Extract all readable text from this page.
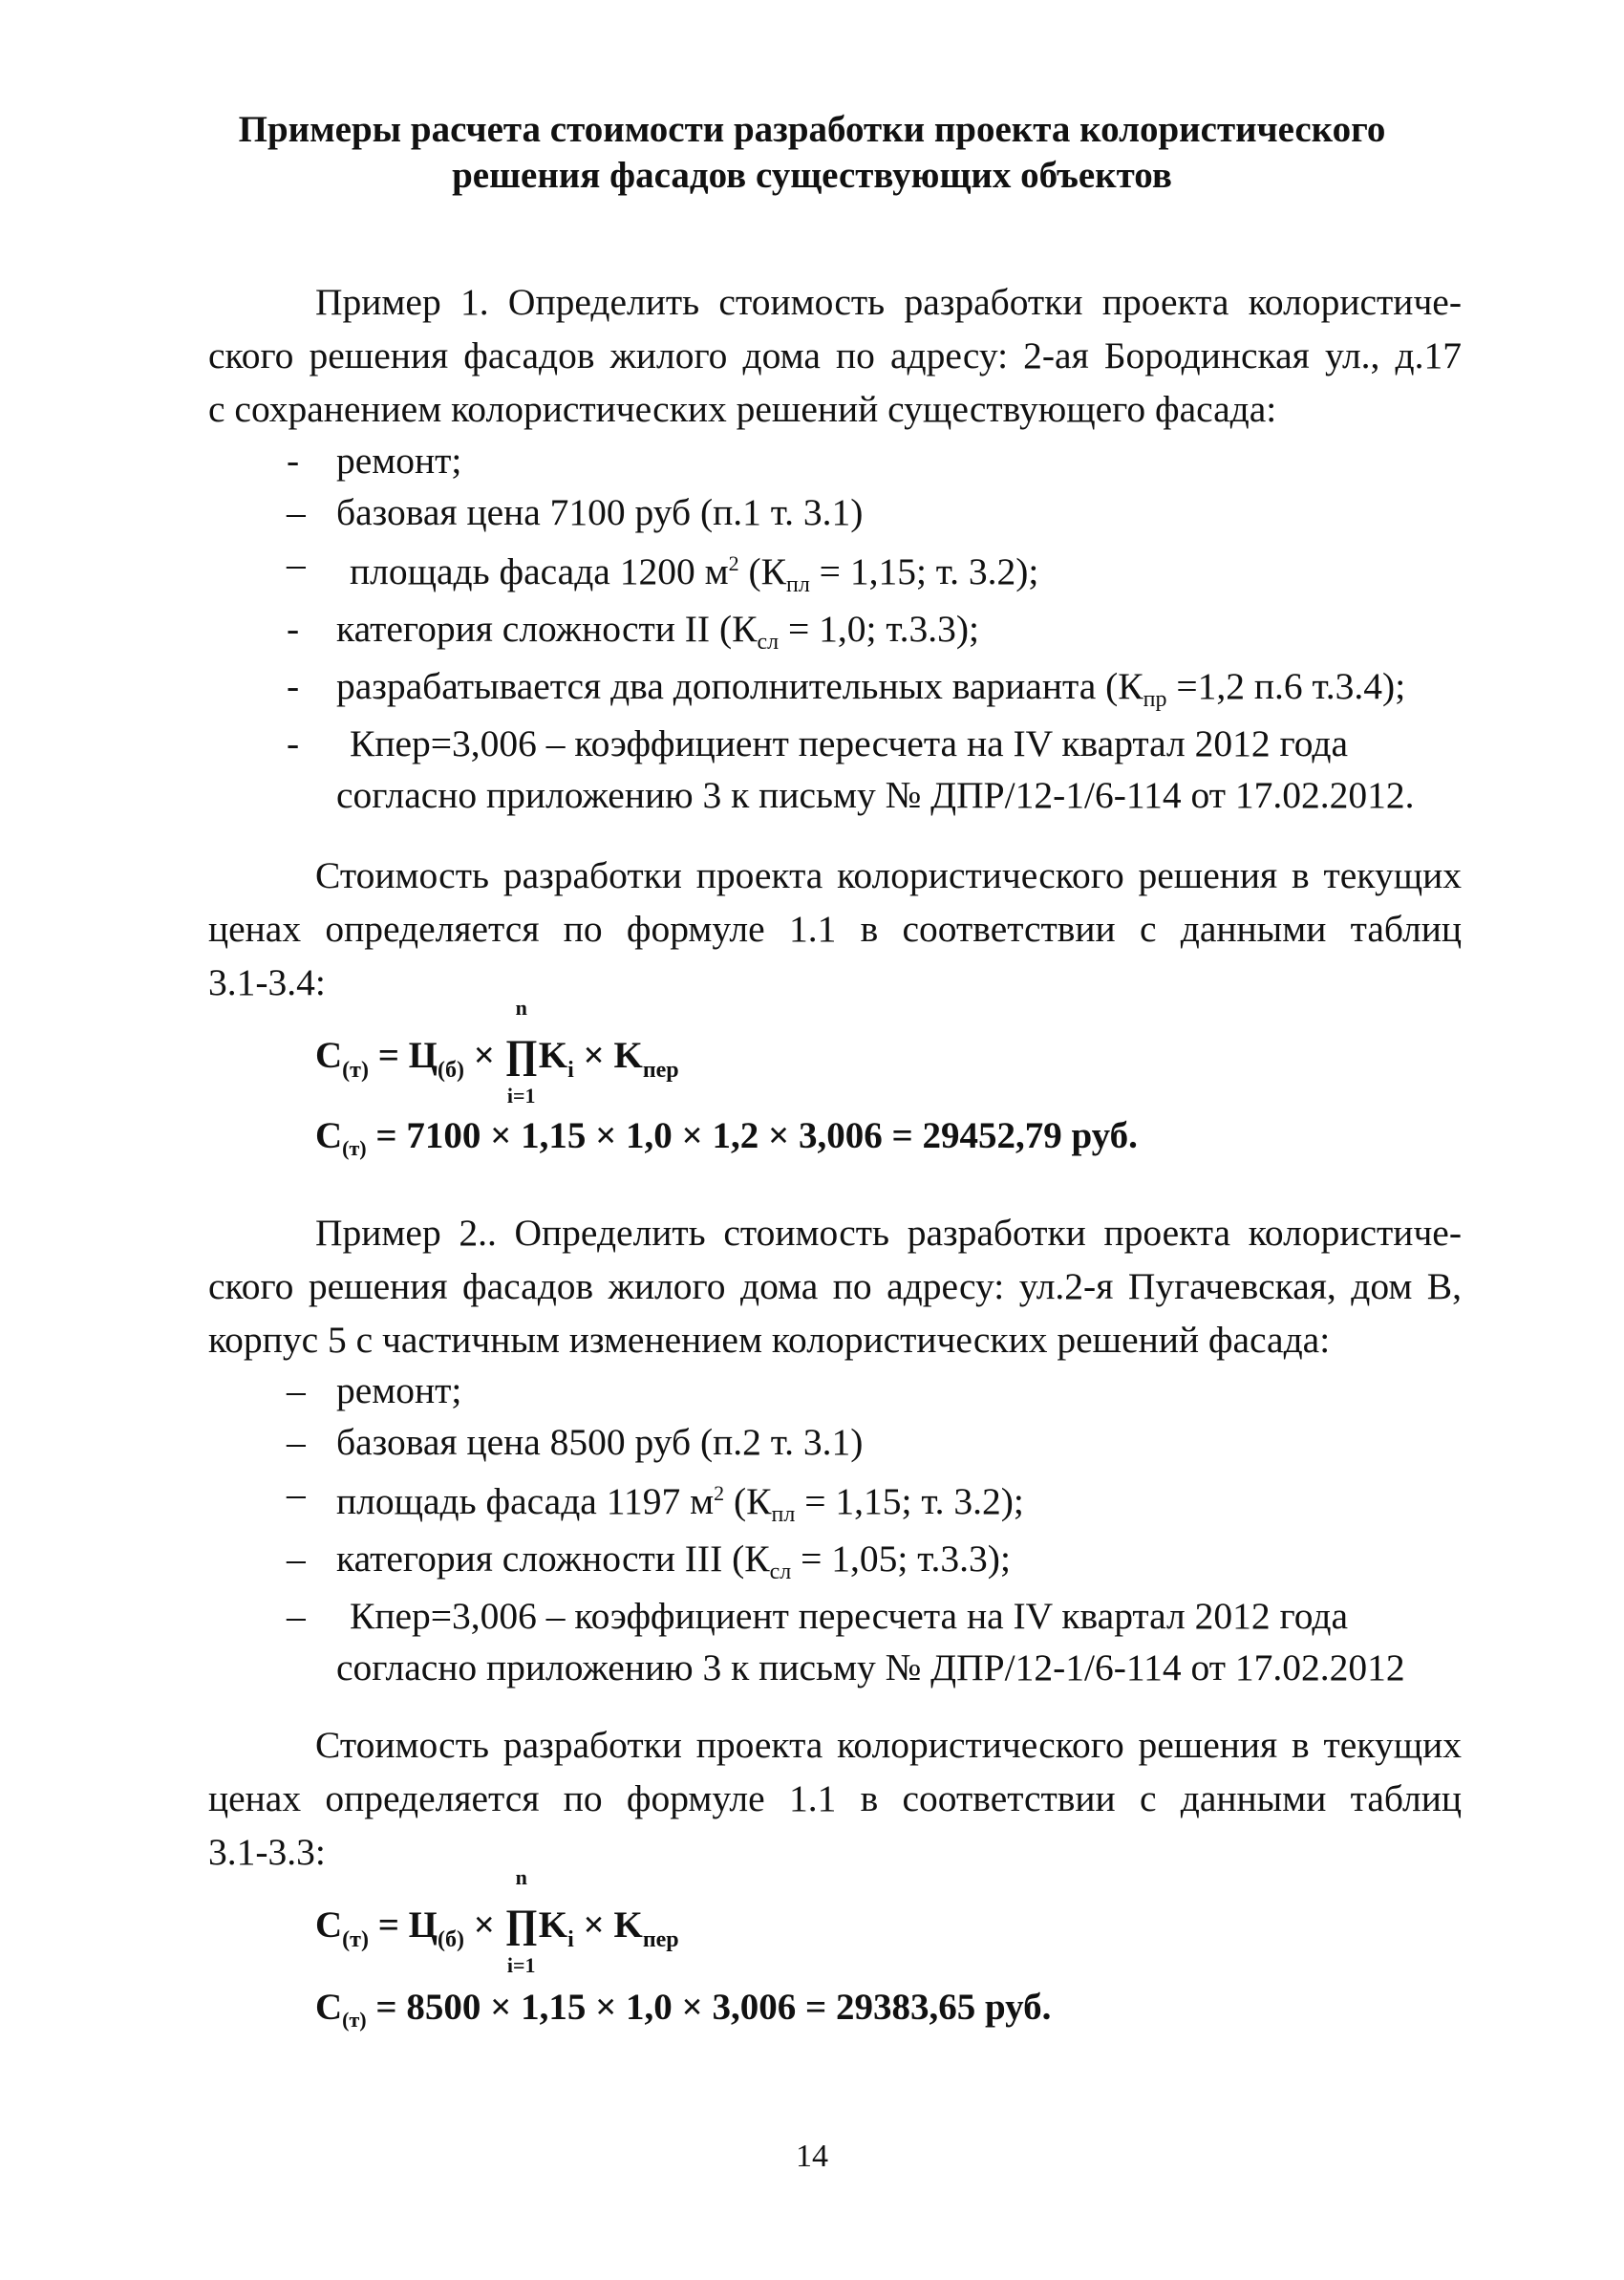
Примеры расчета стоимости разработки проекта колористического
решения фасадов существующих объектов
Пример 1. Определить стоимость разработки проекта колористиче-
ского решения фасадов жилого дома по адресу: 2-ая Бородинская ул., д.17
с сохранением колористических решений существующего фасада:
- ремонт;
– базовая цена 7100 руб (п.1 т. 3.1)
– площадь фасада 1200 $м^2$ ($К_{пл} = 1,15$; т. 3.2);
- категория сложности II ($К_{сл} = 1,0$; т.3.3);
- разрабатывается два дополнительных варианта ($К_{пр} =1,2$ п.6 т.3.4);
- Кпер=3,006 – коэффициент пересчета на IV квартал 2012 года
согласно приложению 3 к письму № ДПР/12-1/6-114 от 17.02.2012.
Стоимость разработки проекта колористического решения в текущих
ценах определяется по формуле 1.1 в соответствии с данными таблиц
3.1-3.4:
$С_{(т)} = Ц_{(б)}$ ×
n
∏
i=1
$K_i \times K_{пер}$
$С_{(т)} = 7100 \times 1,15 \times 1,0 \times 1,2 \times 3,006 = 29452,79$ руб.
Пример 2.. Определить стоимость разработки проекта колористиче-
ского решения фасадов жилого дома по адресу: ул.2-я Пугачевская, дом В,
корпус 5 с частичным изменением колористических решений фасада:
– ремонт;
– базовая цена 8500 руб (п.2 т. 3.1)
– площадь фасада 1197 $м^2$ ($К_{пл} = 1,15$; т. 3.2);
– категория сложности III ($К_{сл} = 1,05$; т.3.3);
– Кпер=3,006 – коэффициент пересчета на IV квартал 2012 года
согласно приложению 3 к письму № ДПР/12-1/6-114 от 17.02.2012
Стоимость разработки проекта колористического решения в текущих
ценах определяется по формуле 1.1 в соответствии с данными таблиц
3.1-3.3:
$С_{(т)} = Ц_{(б)}$ ×
n
∏
i=1
$K_i \times K_{пер}$
$С_{(т)} = 8500 \times 1,15 \times 1,0 \times 3,006 = 29383,65$ руб.
14
